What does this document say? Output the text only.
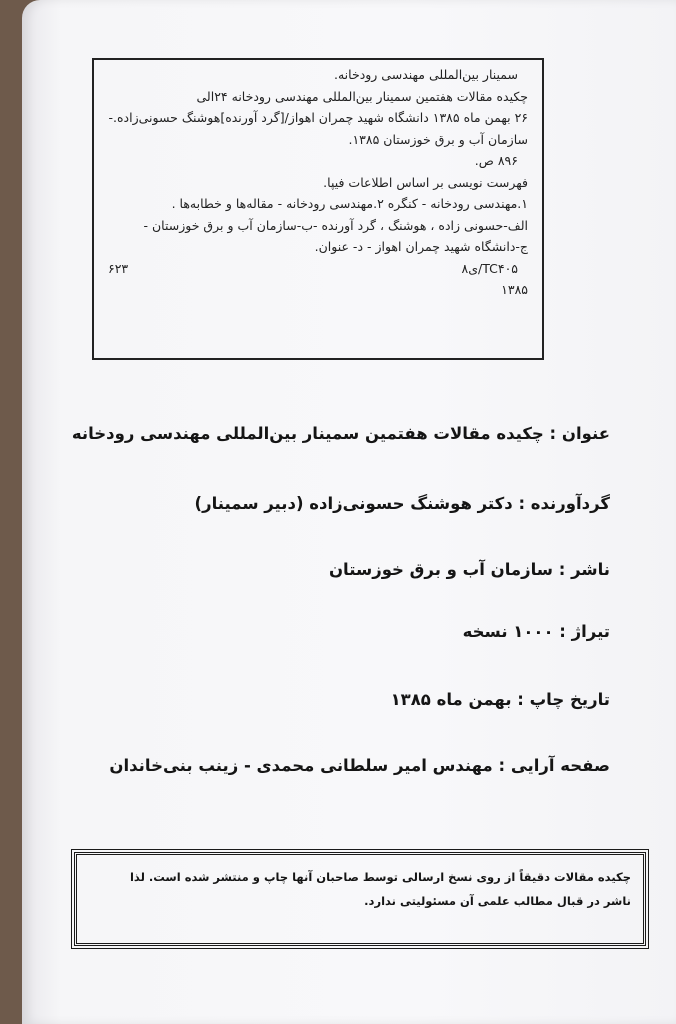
سمینار بین‌المللی مهندسی رودخانه.
چکیده مقالات هفتمین سمینار بین‌المللی مهندسی رودخانه ۲۴الی
۲۶ بهمن ماه ۱۳۸۵ دانشگاه شهید چمران اهواز/[گرد آورنده]هوشنگ حسونی‌زاده.-
سازمان آب و برق خوزستان ۱۳۸۵.
۸۹۶ ص.
فهرست نویسی بر اساس اطلاعات فیپا.
۱.مهندسی رودخانه - کنگره ۲.مهندسی رودخانه - مقاله‌ها و خطابه‌ها .
الف-حسونی زاده ، هوشنگ ، گرد آورنده -ب-سازمان آب و برق خوزستان -
ج-دانشگاه شهید چمران اهواز - د- عنوان.
۸ی/TC۴۰۵
۶۲۳
۱۳۸۵
عنوان : چکیده مقالات هفتمین سمینار بین‌المللی مهندسی رودخانه
گردآورنده : دکتر هوشنگ حسونی‌زاده (دبیر سمینار)
ناشر : سازمان آب و برق خوزستان
تیراژ : ۱۰۰۰ نسخه
تاریخ چاپ : بهمن ماه ۱۳۸۵
صفحه آرایی : مهندس امیر سلطانی محمدی - زینب بنی‌خاندان
چکیده مقالات دقیقاً از روی نسخ ارسالی توسط صاحبان آنها چاپ و منتشر شده است. لذا
ناشر در قبال مطالب علمی آن مسئولیتی ندارد.
